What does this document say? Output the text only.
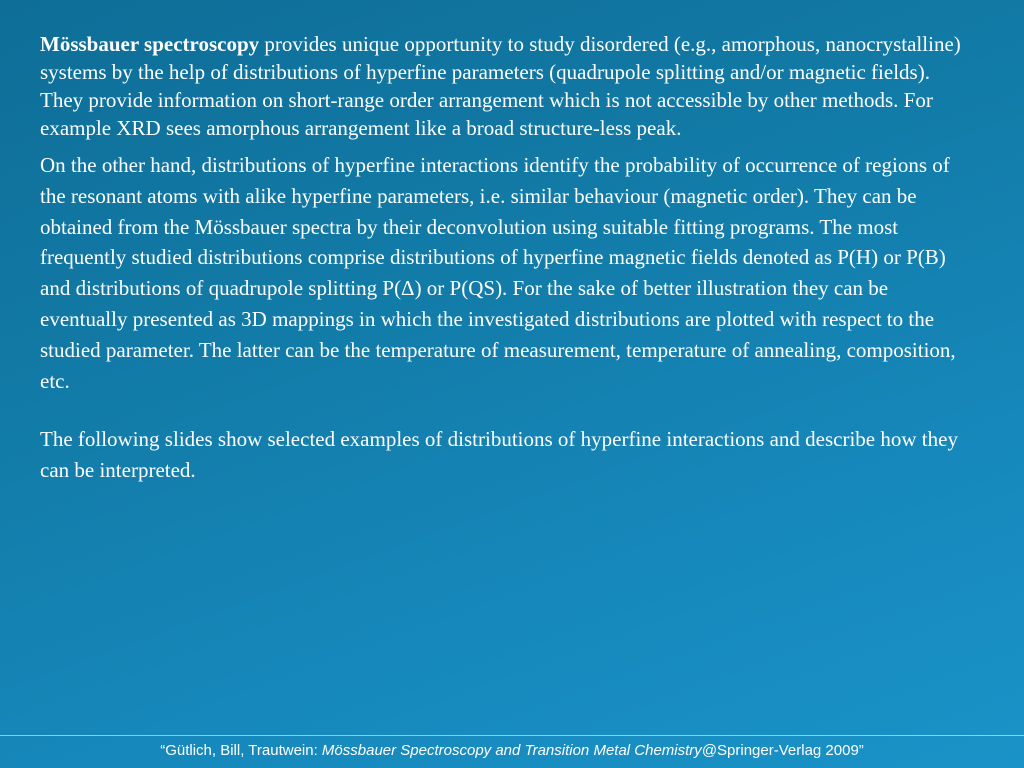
Mössbauer spectroscopy provides unique opportunity to study disordered (e.g., amorphous, nanocrystalline) systems by the help of distributions of hyperfine parameters (quadrupole splitting and/or magnetic fields). They provide information on short-range order arrangement which is not accessible by other methods. For example XRD sees amorphous arrangement like a broad structure-less peak.

On the other hand, distributions of hyperfine interactions identify the probability of occurrence of regions of the resonant atoms with alike hyperfine parameters, i.e. similar behaviour (magnetic order). They can be obtained from the Mössbauer spectra by their deconvolution using suitable fitting programs. The most frequently studied distributions comprise distributions of hyperfine magnetic fields denoted as P(H) or P(B) and distributions of quadrupole splitting P(Δ) or P(QS). For the sake of better illustration they can be eventually presented as 3D mappings in which the investigated distributions are plotted with respect to the studied parameter. The latter can be the temperature of measurement, temperature of annealing, composition, etc.

The following slides show selected examples of distributions of hyperfine interactions and describe how they can be interpreted.

“Gütlich, Bill, Trautwein: Mössbauer Spectroscopy and Transition Metal Chemistry@Springer-Verlag 2009”
